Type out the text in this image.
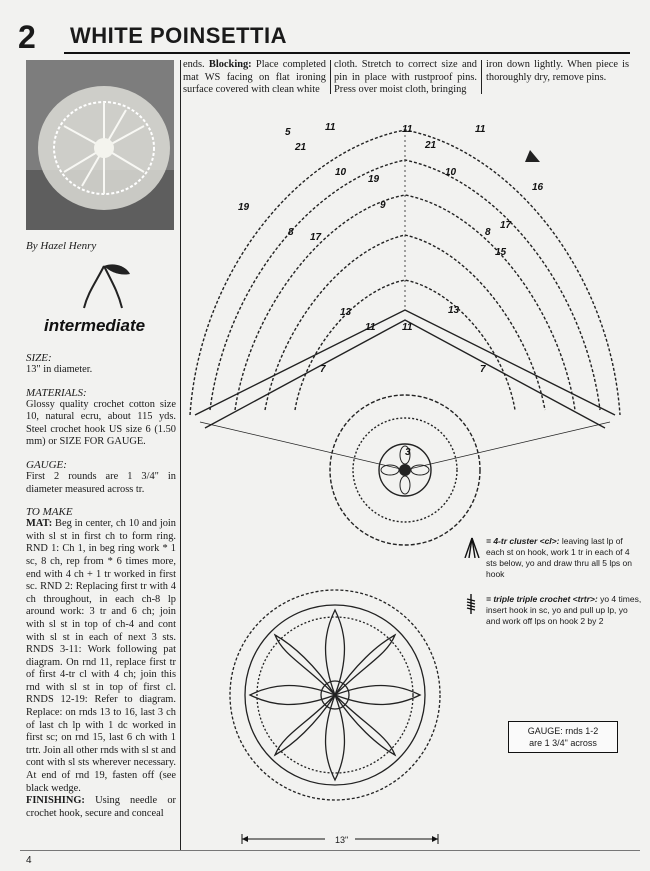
2	WHITE POINSETTIA
By Hazel Henry
intermediate
SIZE:
13" in diameter.
MATERIALS:
Glossy quality crochet cotton size 10, natural ecru, about 115 yds. Steel crochet hook US size 6 (1.50 mm) or SIZE FOR GAUGE.
GAUGE:
First 2 rounds are 1 3/4" in diameter measured across tr.
TO MAKE
MAT: Beg in center, ch 10 and join with sl st in first ch to form ring. RND 1: Ch 1, in beg ring work * 1 sc, 8 ch, rep from * 6 times more, end with 4 ch + 1 tr worked in first sc. RND 2: Replacing first tr with 4 ch throughout, in each ch-8 lp around work: 3 tr and 6 ch; join with sl st in top of ch-4 and cont with sl st in each of next 3 sts. RNDS 3-11: Work following pat diagram. On rnd 11, replace first tr of first 4-tr cl with 4 ch; join this rnd with sl st in top of first cl. RNDS 12-19: Refer to diagram. Replace: on rnds 13 to 16, last 3 ch of last ch lp with 1 dc worked in first sc; on rnd 15, last 6 ch with 1 trtr. Join all other rnds with sl st and cont with sl sts wherever necessary. At end of rnd 19, fasten off (see black wedge.
FINISHING: Using needle or crochet hook, secure and conceal
ends. Blocking: Place completed mat WS facing on flat ironing surface covered with clean white
cloth. Stretch to correct size and pin in place with rustproof pins. Press over moist cloth, bringing
iron down lightly. When piece is thoroughly dry, remove pins.
5	11	11	11
21	21
19
19
17
17
10	10
9
8	8
13	13
11	11
7	7
3
15
16
= 4-tr cluster <cl>: leaving last lp of each st on hook, work 1 tr in each of 4 sts below, yo and draw thru all 5 lps on hook
= triple triple crochet <trtr>: yo 4 times, insert hook in sc, yo and pull up lp, yo and work off lps on hook 2 by 2
GAUGE: rnds 1-2
are 1 3/4" across
13"
4
